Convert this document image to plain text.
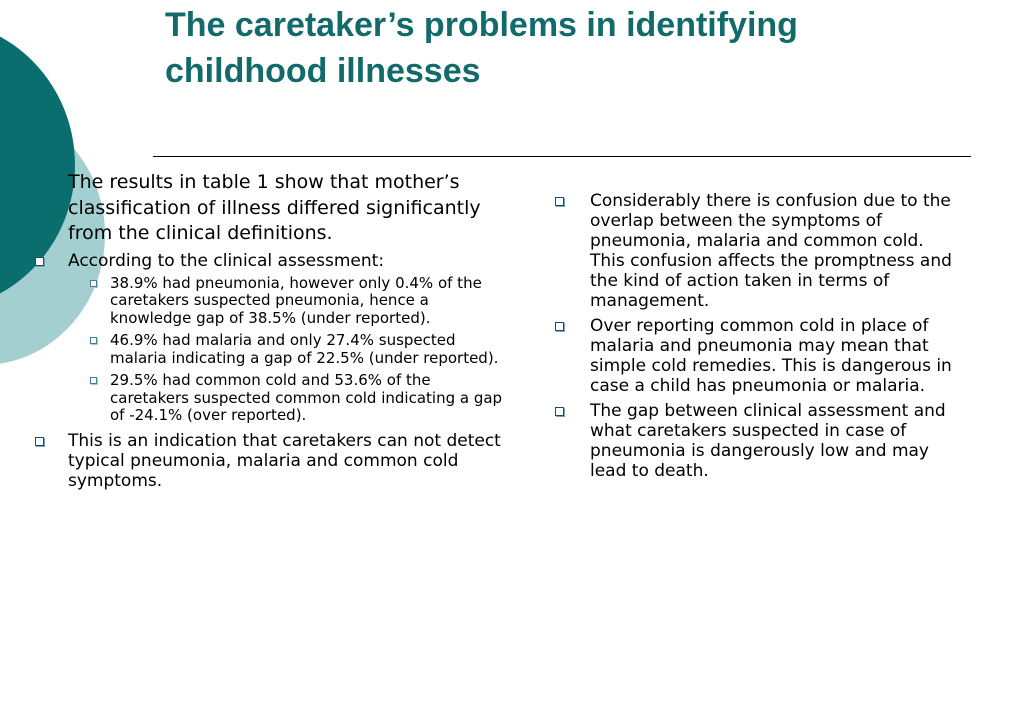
The caretaker’s problems in identifying childhood illnesses

The results in table 1 show that mother’s classification of illness differed significantly from the clinical definitions.

According to the clinical assessment:
38.9% had pneumonia, however only 0.4% of the caretakers suspected pneumonia, hence a knowledge gap of 38.5% (under reported).
46.9% had malaria and only 27.4% suspected malaria indicating a gap of 22.5% (under reported).
29.5% had common cold and 53.6% of the caretakers suspected common cold indicating a gap of -24.1% (over reported).
This is an indication that caretakers can not detect typical pneumonia, malaria and common cold symptoms.
Considerably there is confusion due to the overlap between the symptoms of pneumonia, malaria and common cold. This confusion affects the promptness and the kind of action taken in terms of management.
Over reporting common cold in place of malaria and pneumonia may mean that simple cold remedies. This is dangerous in case a child has pneumonia or malaria.
The gap between clinical assessment and what caretakers suspected in case of pneumonia is dangerously low and may lead to death.
